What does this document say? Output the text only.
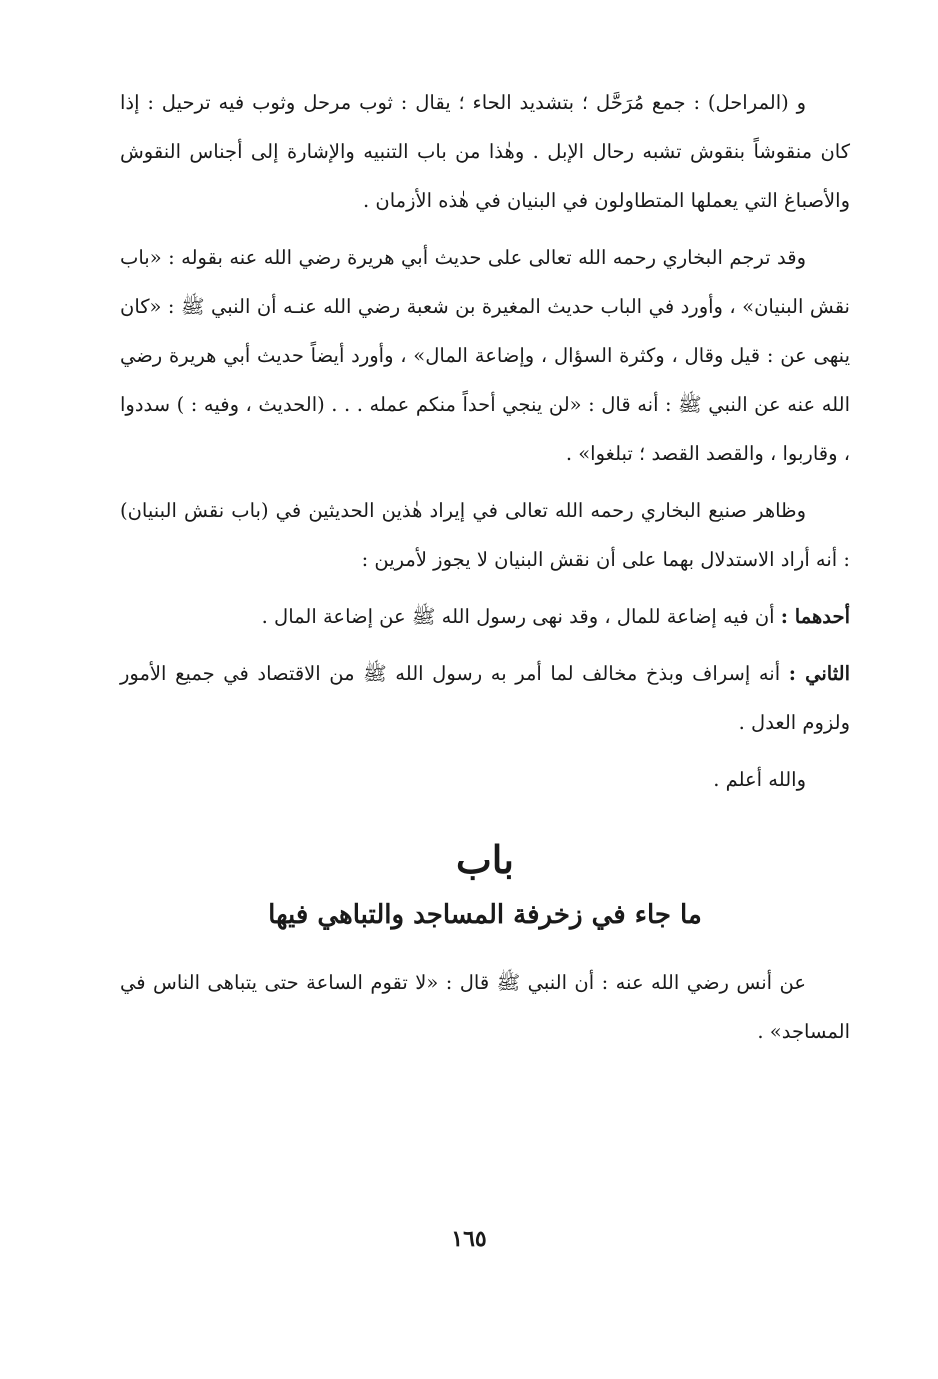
و (المراحل) : جمع مُرَحَّل ؛ بتشديد الحاء ؛ يقال : ثوب مرحل وثوب فيه ترحيل : إذا كان منقوشاً بنقوش تشبه رحال الإبل . وهٰذا من باب التنبيه والإشارة إلى أجناس النقوش والأصباغ التي يعملها المتطاولون في البنيان في هٰذه الأزمان .

وقد ترجم البخاري رحمه الله تعالى على حديث أبي هريرة رضي الله عنه بقوله : «باب نقش البنيان» ، وأورد في الباب حديث المغيرة بن شعبة رضي الله عنـه أن النبي ﷺ : «كان ينهى عن : قيل وقال ، وكثرة السؤال ، وإضاعة المال» ، وأورد أيضاً حديث أبي هريرة رضي الله عنه عن النبي ﷺ : أنه قال : «لن ينجي أحداً منكم عمله . . . (الحديث ، وفيه : ) سددوا ، وقاربوا ، والقصد القصد ؛ تبلغوا» .

وظاهر صنيع البخاري رحمه الله تعالى في إيراد هٰذين الحديثين في (باب نقش البنيان) : أنه أراد الاستدلال بهما على أن نقش البنيان لا يجوز لأمرين :

أحدهما : أن فيه إضاعة للمال ، وقد نهى رسول الله ﷺ عن إضاعة المال .

الثاني : أنه إسراف وبذخ مخالف لما أمر به رسول الله ﷺ من الاقتصاد في جميع الأمور ولزوم العدل .

والله أعلم .

باب
ما جاء في زخرفة المساجد والتباهي فيها

عن أنس رضي الله عنه : أن النبي ﷺ قال : «لا تقوم الساعة حتى يتباهى الناس في المساجد» .

١٦٥
